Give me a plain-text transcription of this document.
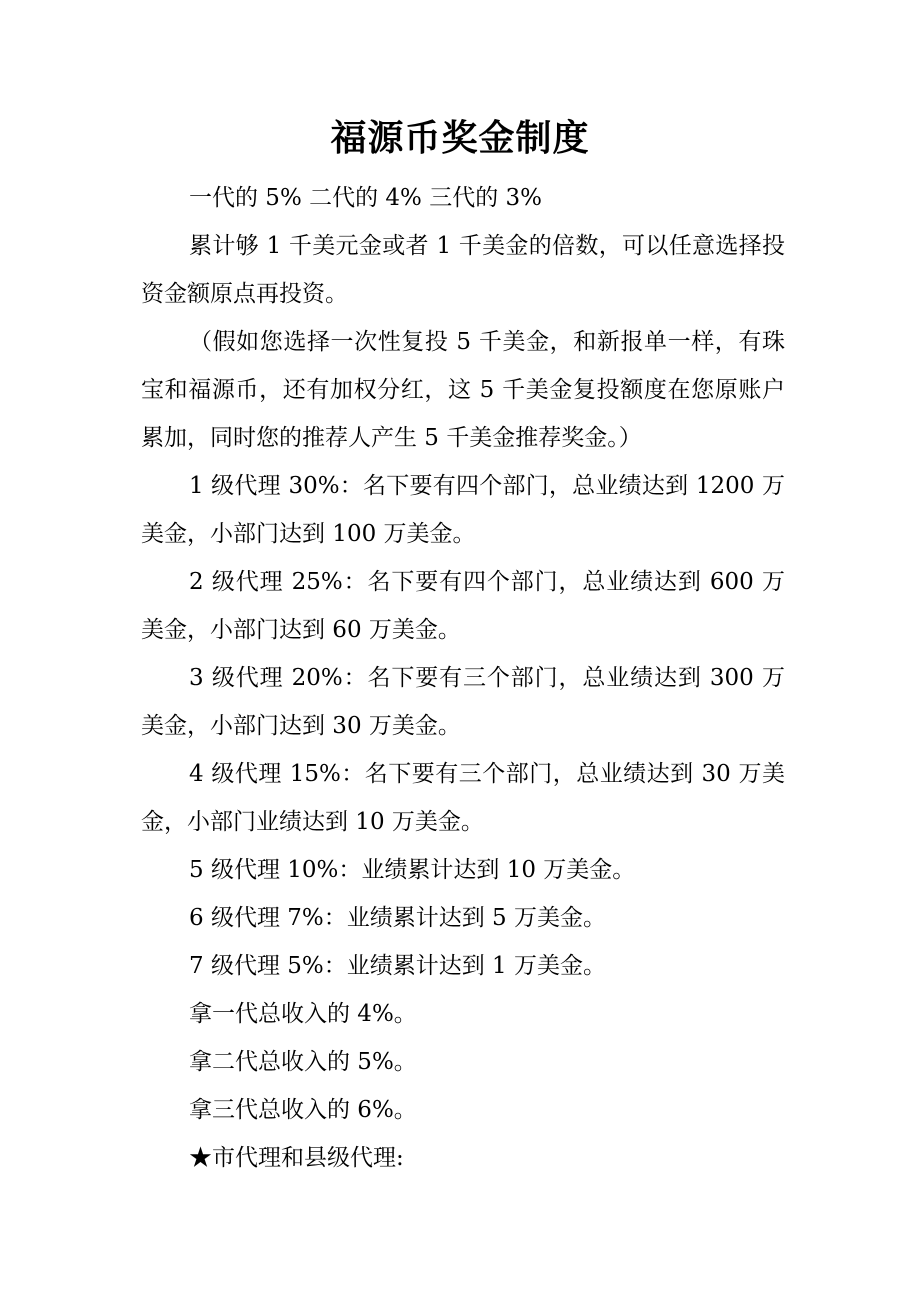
福源币奖金制度

一代的 5% 二代的 4% 三代的 3%

累计够 1 千美元金或者 1 千美金的倍数，可以任意选择投资金额原点再投资。

（假如您选择一次性复投 5 千美金，和新报单一样，有珠宝和福源币，还有加权分红，这 5 千美金复投额度在您原账户累加，同时您的推荐人产生 5 千美金推荐奖金。）

1 级代理 30%：名下要有四个部门，总业绩达到 1200 万美金，小部门达到 100 万美金。

2 级代理 25%：名下要有四个部门，总业绩达到 600 万美金，小部门达到 60 万美金。

3 级代理 20%：名下要有三个部门，总业绩达到 300 万美金，小部门达到 30 万美金。

4 级代理 15%：名下要有三个部门，总业绩达到 30 万美金，小部门业绩达到 10 万美金。

5 级代理 10%：业绩累计达到 10 万美金。

6 级代理 7%：业绩累计达到 5 万美金。

7 级代理 5%：业绩累计达到 1 万美金。

拿一代总收入的 4%。

拿二代总收入的 5%。

拿三代总收入的 6%。

★市代理和县级代理:
